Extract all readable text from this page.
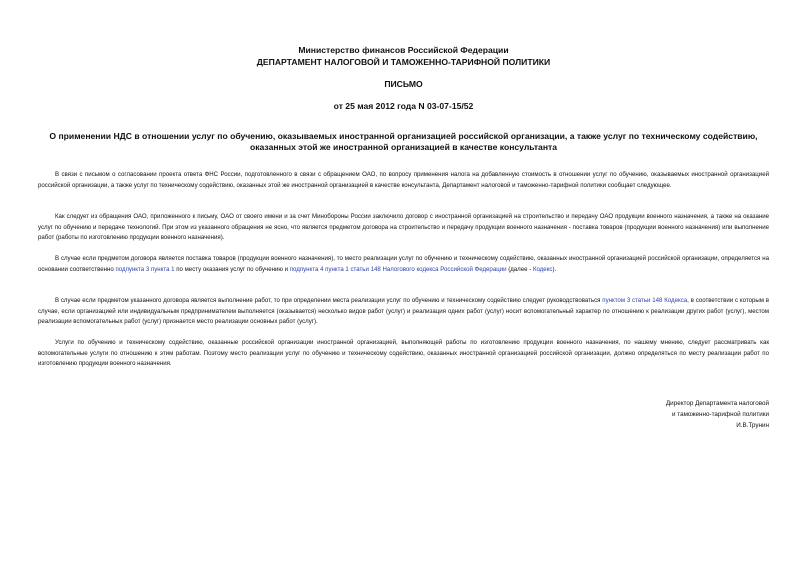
Министерство финансов Российской Федерации
ДЕПАРТАМЕНТ НАЛОГОВОЙ И ТАМОЖЕННО-ТАРИФНОЙ ПОЛИТИКИ
ПИСЬМО
от 25 мая 2012 года N 03-07-15/52
О применении НДС в отношении услуг по обучению, оказываемых иностранной организацией российской организации, а также услуг по техническому содействию,
оказанных этой же иностранной организацией в качестве консультанта
В связи с письмом о согласовании проекта ответа ФНС России, подготовленного в связи с обращением ОАО, по вопросу применения налога на добавленную стоимость в отношении услуг по обучению, оказываемых иностранной организацией российской организации, а также услуг по техническому содействию, оказанных этой же иностранной организацией в качестве консультанта, Департамент налоговой и таможенно-тарифной политики сообщает следующее.
Как следует из обращения ОАО, приложенного к письму, ОАО от своего имени и за счет Минобороны России заключило договор с иностранной организацией на строительство и передачу ОАО продукции военного назначения, а также на оказание услуг по обучению и передаче технологий. При этом из указанного обращения не ясно, что является предметом договора на строительство и передачу продукции военного назначения - поставка товаров (продукции военного назначения) или выполнение работ (работы по изготовлению продукции военного назначения).
В случае если предметом договора является поставка товаров (продукции военного назначения), то место реализации услуг по обучению и техническому содействию, оказанных иностранной организацией российской организации, определяется на основании соответственно подпункта 3 пункта 1 по месту оказания услуг по обучению и подпункта 4 пункта 1 статьи 148 Налогового кодекса Российской Федерации (далее - Кодекс).
В случае если предметом указанного договора является выполнение работ, то при определении места реализации услуг по обучению и техническому содействию следует руководствоваться пунктом 3 статьи 148 Кодекса, в соответствии с которым в случае, если организацией или индивидуальным предпринимателем выполняется (оказывается) несколько видов работ (услуг) и реализация одних работ (услуг) носит вспомогательный характер по отношению к реализации других работ (услуг), местом реализации вспомогательных работ (услуг) признается место реализации основных работ (услуг).
Услуги по обучению и техническому содействию, оказанные российской организации иностранной организацией, выполняющей работы по изготовлению продукции военного назначения, по нашему мнению, следует рассматривать как вспомогательные услуги по отношению к этим работам. Поэтому место реализации услуг по обучению и техническому содействию, оказанных иностранной организацией российской организации, должно определяться по месту реализации работ по изготовлению продукции военного назначения.
Директор Департамента налоговой
и таможенно-тарифной политики
И.В.Трунин
